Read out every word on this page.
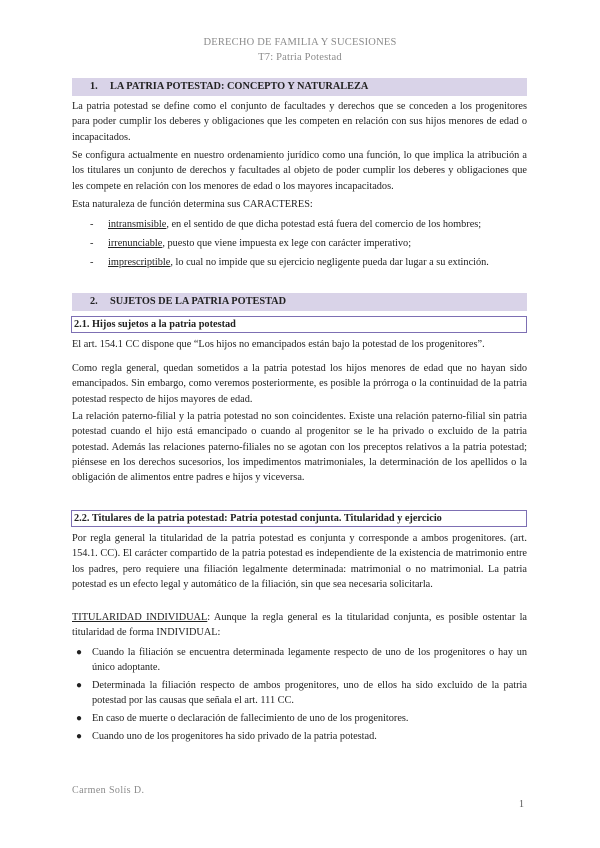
DERECHO DE FAMILIA Y SUCESIONES
T7: Patria Potestad
1. LA PATRIA POTESTAD: CONCEPTO Y NATURALEZA
La patria potestad se define como el conjunto de facultades y derechos que se conceden a los progenitores para poder cumplir los deberes y obligaciones que les competen en relación con sus hijos menores de edad o incapacitados.
Se configura actualmente en nuestro ordenamiento jurídico como una función, lo que implica la atribución a los titulares un conjunto de derechos y facultades al objeto de poder cumplir los deberes y obligaciones que les compete en relación con los menores de edad o los mayores incapacitados.
Esta naturaleza de función determina sus CARACTERES:
- intransmisible, en el sentido de que dicha potestad está fuera del comercio de los hombres;
- irrenunciable, puesto que viene impuesta ex lege con carácter imperativo;
- imprescriptible, lo cual no impide que su ejercicio negligente pueda dar lugar a su extinción.
2. SUJETOS DE LA PATRIA POTESTAD
2.1. Hijos sujetos a la patria potestad
El art. 154.1 CC dispone que “Los hijos no emancipados están bajo la potestad de los progenitores”.
Como regla general, quedan sometidos a la patria potestad los hijos menores de edad que no hayan sido emancipados. Sin embargo, como veremos posteriormente, es posible la prórroga o la continuidad de la patria potestad respecto de hijos mayores de edad.
La relación paterno-filial y la patria potestad no son coincidentes. Existe una relación paterno-filial sin patria potestad cuando el hijo está emancipado o cuando al progenitor se le ha privado o excluido de la patria potestad. Además las relaciones paterno-filiales no se agotan con los preceptos relativos a la patria potestad; piénsese en los derechos sucesorios, los impedimentos matrimoniales, la determinación de los apellidos o la obligación de alimentos entre padres e hijos y viceversa.
2.2. Titulares de la patria potestad: Patria potestad conjunta. Titularidad y ejercicio
Por regla general la titularidad de la patria potestad es conjunta y corresponde a ambos progenitores. (art. 154.1. CC). El carácter compartido de la patria potestad es independiente de la existencia de matrimonio entre los padres, pero requiere una filiación legalmente determinada: matrimonial o no matrimonial. La patria potestad es un efecto legal y automático de la filiación, sin que sea necesaria solicitarla.
TITULARIDAD INDIVIDUAL: Aunque la regla general es la titularidad conjunta, es posible ostentar la titularidad de forma INDIVIDUAL:
● Cuando la filiación se encuentra determinada legamente respecto de uno de los progenitores o hay un único adoptante.
● Determinada la filiación respecto de ambos progenitores, uno de ellos ha sido excluido de la patria potestad por las causas que señala el art. 111 CC.
● En caso de muerte o declaración de fallecimiento de uno de los progenitores.
● Cuando uno de los progenitores ha sido privado de la patria potestad.
Carmen Solís D.
1
